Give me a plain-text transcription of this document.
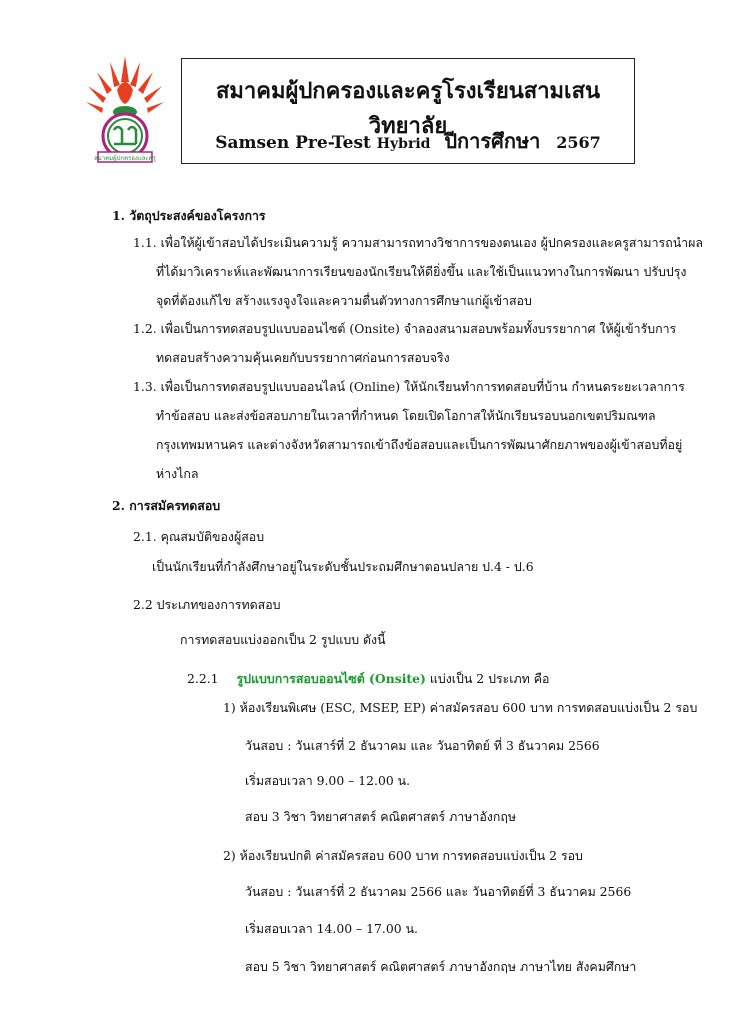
สมาคมผู้ปกครองและครู
สมาคมผู้ปกครองและครูโรงเรียนสามเสนวิทยาลัย
Samsen Pre-Test Hybrid ปีการศึกษา 2567
1. วัตถุประสงค์ของโครงการ
1.1. เพื่อให้ผู้เข้าสอบได้ประเมินความรู้ ความสามารถทางวิชาการของตนเอง ผู้ปกครองและครูสามารถนำผล
ที่ได้มาวิเคราะห์และพัฒนาการเรียนของนักเรียนให้ดียิ่งขึ้น และใช้เป็นแนวทางในการพัฒนา ปรับปรุง
จุดที่ต้องแก้ไข สร้างแรงจูงใจและความตื่นตัวทางการศึกษาแก่ผู้เข้าสอบ
1.2. เพื่อเป็นการทดสอบรูปแบบออนไซต์ (Onsite) จำลองสนามสอบพร้อมทั้งบรรยากาศ ให้ผู้เข้ารับการ
ทดสอบสร้างความคุ้นเคยกับบรรยากาศก่อนการสอบจริง
1.3. เพื่อเป็นการทดสอบรูปแบบออนไลน์ (Online) ให้นักเรียนทำการทดสอบที่บ้าน กำหนดระยะเวลาการ
ทำข้อสอบ และส่งข้อสอบภายในเวลาที่กำหนด โดยเปิดโอกาสให้นักเรียนรอบนอกเขตปริมณฑล
กรุงเทพมหานคร และต่างจังหวัดสามารถเข้าถึงข้อสอบและเป็นการพัฒนาศักยภาพของผู้เข้าสอบที่อยู่
ห่างไกล
2. การสมัครทดสอบ
2.1. คุณสมบัติของผู้สอบ
เป็นนักเรียนที่กำลังศึกษาอยู่ในระดับชั้นประถมศึกษาตอนปลาย ป.4 - ป.6
2.2 ประเภทของการทดสอบ
การทดสอบแบ่งออกเป็น 2 รูปแบบ ดังนี้
2.2.1 รูปแบบการสอบออนไซต์ (Onsite) แบ่งเป็น 2 ประเภท คือ
1) ห้องเรียนพิเศษ (ESC, MSEP, EP) ค่าสมัครสอบ 600 บาท การทดสอบแบ่งเป็น 2 รอบ
วันสอบ : วันเสาร์ที่ 2 ธันวาคม และ วันอาทิตย์ ที่ 3 ธันวาคม 2566
เริ่มสอบเวลา 9.00 – 12.00 น.
สอบ 3 วิชา วิทยาศาสตร์ คณิตศาสตร์ ภาษาอังกฤษ
2) ห้องเรียนปกติ ค่าสมัครสอบ 600 บาท การทดสอบแบ่งเป็น 2 รอบ
วันสอบ : วันเสาร์ที่ 2 ธันวาคม 2566 และ วันอาทิตย์ที่ 3 ธันวาคม 2566
เริ่มสอบเวลา 14.00 – 17.00 น.
สอบ 5 วิชา วิทยาศาสตร์ คณิตศาสตร์ ภาษาอังกฤษ ภาษาไทย สังคมศึกษา
